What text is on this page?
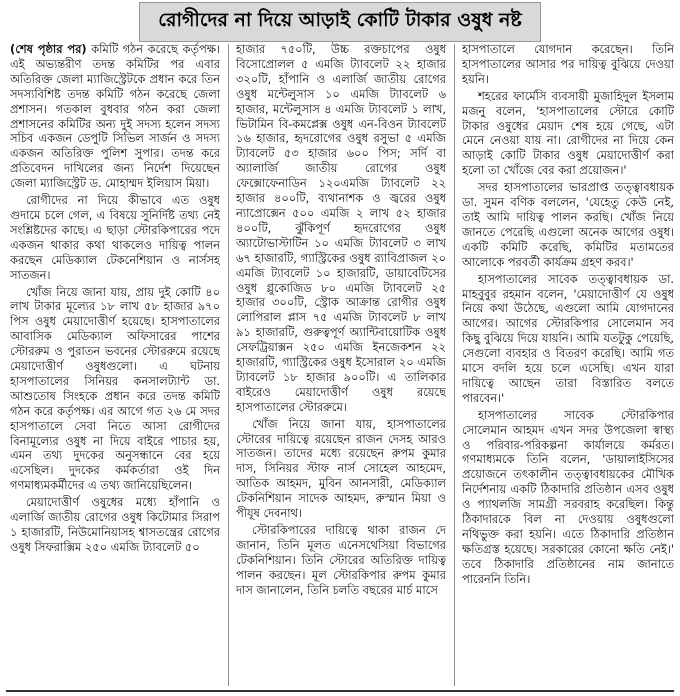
রোগীদের না দিয়ে আড়াই কোটি টাকার ওষুধ নষ্ট

(শেষ পৃষ্ঠার পর) কমিটি গঠন করেছে কর্তৃপক্ষ। এই অভ্যন্তরীণ তদন্ত কমিটির পর এবার অতিরিক্ত জেলা ম্যাজিস্ট্রেটকে প্রধান করে তিন সদস্যবিশিষ্ট তদন্ত কমিটি গঠন করেছে জেলা প্রশাসন। গতকাল বুধবার গঠন করা জেলা প্রশাসনের কমিটির অন্য দুই সদস্য হলেন সদস্য সচিব একজন ডেপুটি সিভিল সার্জন ও সদস্য একজন অতিরিক্ত পুলিশ সুপার। তদন্ত করে প্রতিবেদন দাখিলের জন্য নির্দেশ দিয়েছেন জেলা ম্যাজিস্ট্রেট ড. মোহাম্মদ ইলিয়াস মিয়া।

রোগীদের না দিয়ে কীভাবে এত ওষুধ গুদামে চলে গেল, এ বিষয়ে সুনির্দিষ্ট তথ্য নেই সংশ্লিষ্টদের কাছে। এ ছাড়া স্টোরকিপারের পদে একজন থাকার কথা থাকলেও দায়িত্ব পালন করছেন মেডিক্যাল টেকনেশিয়ান ও নার্সসহ সাতজন।

খোঁজ নিয়ে জানা যায়, প্রায় দুই কোটি ৪০ লাখ টাকার মূল্যের ১৮ লাখ ৫৮ হাজার ৯৭০ পিস ওষুধ মেয়াদোত্তীর্ণ হয়েছে। হাসপাতালের আবাসিক মেডিক্যাল অফিসারের পাশের স্টোররুম ও পুরাতন ভবনের স্টোররুমে রয়েছে মেয়াদোত্তীর্ণ ওষুধগুলো। এ ঘটনায় হাসপাতালের সিনিয়র কনসালট্যান্ট ডা. আশুতোষ সিংহকে প্রধান করে তদন্ত কমিটি গঠন করে কর্তৃপক্ষ। এর আগে গত ২৬ মে সদর হাসপাতালে সেবা নিতে আসা রোগীদের বিনামূল্যের ওষুধ না দিয়ে বাইরে পাচার হয়, এমন তথ্য দুদকের অনুসন্ধানে বের হয়ে এসেছিল। দুদকের কর্মকর্তারা ওই দিন গণমাধ্যমকর্মীদের এ তথ্য জানিয়েছিলেন।

মেয়াদোত্তীর্ণ ওষুধের মধ্যে হাঁপানি ও এলার্জি জাতীয় রোগের ওষুধ কিটোমার সিরাপ ১ হাজারটি, নিউমোনিয়াসহ শ্বাসতন্ত্রের রোগের ওষুধ সিফরাক্সিম ২৫০ এমজি ট্যাবলেট ৫০

হাজার ৭৫০টি, উচ্চ রক্তচাপের ওষুধ বিসোপ্রোলল ৫ এমজি ট্যাবলেট ২২ হাজার ৩২০টি, হাঁপানি ও এলার্জি জাতীয় রোগের ওষুধ মন্টেলুসাস ১০ এমজি ট্যাবলেট ৬ হাজার, মন্টেলুসাস ৪ এমজি ট্যাবলেট ১ লাখ, ভিটামিন বি-কমপ্লেক্স ওষুধ এন-বিওন ট্যাবলেট ১৬ হাজার, হৃদরোগের ওষুধ রসুভা ৫ এমজি ট্যাবলেট ৫৩ হাজার ৬০০ পিস; সর্দি বা অ্যালার্জি জাতীয় রোগের ওষুধ ফেক্সোফেনাডিন ১২০এমজি ট্যাবলেট ২২ হাজার ৪০০টি, ব্যথানাশক ও জ্বরের ওষুধ ন্যাপ্রোক্সেন ৫০০ এমজি ২ লাখ ৫২ হাজার ৪০০টি, ঝুঁকিপূর্ণ হৃদরোগের ওষুধ অ্যাটোভাস্টাটিন ১০ এমজি ট্যাবলেট ৩ লাখ ৬৭ হাজারটি, গ্যাস্ট্রিকের ওষুধ র‍্যাবিপ্রাজল ২০ এমজি ট্যাবলেট ১০ হাজারটি, ডায়াবেটিসের ওষুধ গ্লুকোজিড ৮০ এমজি ট্যাবলেট ২৫ হাজার ৩০০টি, স্ট্রোক আক্রান্ত রোগীর ওষুধ লোপিরাল প্লাস ৭৫ এমজি ট্যাবলেট ৮ লাখ ৯১ হাজারটি, গুরুত্বপূর্ণ অ্যান্টিবায়োটিক ওষুধ সেফট্রিয়াক্সন ২৫০ এমজি ইনজেকশন ২২ হাজারটি, গ্যাস্ট্রিকের ওষুধ ইসোরাল ২০ এমজি ট্যাবলেট ১৮ হাজার ৯০০টি। এ তালিকার বাইরেও মেয়াদোত্তীর্ণ ওষুধ রয়েছে হাসপাতালের স্টোররুমে।

খোঁজ নিয়ে জানা যায়, হাসপাতালের স্টোরের দায়িত্বে রয়েছেন রাজন দেসহ আরও সাতজন। তাদের মধ্যে রয়েছেন রুপম কুমার দাস, সিনিয়র স্টাফ নার্স সোহেল আহমেদ, আতিক আহমদ, মুবিন আনসারী, মেডিক্যাল টেকনিশিয়ান সাদেক আহমদ, রুস্মান মিয়া ও পীযূষ দেবনাথ।

স্টোরকিপারের দায়িত্বে থাকা রাজন দে জানান, তিনি মূলত এনেসথেসিয়া বিভাগের টেকনিশিয়ান। তিনি স্টোরের অতিরিক্ত দায়িত্ব পালন করছেন। মূল স্টোরকিপার রুপম কুমার দাস জানালেন, তিনি চলতি বছরের মার্চ মাসে

হাসপাতালে যোগদান করেছেন। তিনি হাসপাতালের আসার পর দায়িত্ব বুঝিয়ে দেওয়া হয়নি।

শহরের ফার্মেসি ব্যবসায়ী মুজাহিদুল ইসলাম মজনু বলেন, 'হাসপাতালের স্টোরে কোটি টাকার ওষুধের মেয়াদ শেষ হয়ে গেছে, এটা মেনে নেওয়া যায় না। রোগীদের না দিয়ে কেন আড়াই কোটি টাকার ওষুধ মেয়াদোত্তীর্ণ করা হলো তা খোঁজে বের করা প্রয়োজন।'

সদর হাসপাতালের ভারপ্রাপ্ত তত্ত্বাবধায়ক ডা. সুমন বণিক বললেন, 'যেহেতু কেউ নেই, তাই আমি দায়িত্ব পালন করছি। খোঁজ নিয়ে জানতে পেরেছি এগুলো অনেক আগের ওষুধ। একটি কমিটি করেছি, কমিটির মতামতের আলোকে পরবর্তী কার্যক্রম গ্রহণ করব।'

হাসপাতালের সাবেক তত্ত্বাবধায়ক ডা. মাহবুবুর রহমান বলেন, 'মেয়াদোত্তীর্ণ যে ওষুধ নিয়ে কথা উঠেছে, এগুলো আমি যোগদানের আগের। আগের স্টোরকিপার সোলেমান সব কিছু বুঝিয়ে দিয়ে যায়নি। আমি যতটুকু পেয়েছি, সেগুলো ব্যবহার ও বিতরণ করেছি। আমি গত মাসে বদলি হয়ে চলে এসেছি। এখন যারা দায়িত্বে আছেন তারা বিস্তারিত বলতে পারবেন।'

হাসপাতালের সাবেক স্টোরকিপার সোলেমান আহমদ এখন সদর উপজেলা স্বাস্থ্য ও পরিবার-পরিকল্পনা কার্যালয়ে কর্মরত। গণমাধ্যমকে তিনি বলেন, 'ডায়ালাইসিসের প্রয়োজনে তৎকালীন তত্ত্বাবধায়কের মৌখিক নির্দেশনায় একটি ঠিকাদারি প্রতিষ্ঠান এসব ওষুধ ও প্যাথলজি সামগ্রী সরবরাহ করেছিল। কিন্তু ঠিকাদারকে বিল না দেওয়ায় ওষুধগুলো নথিভুক্ত করা হয়নি। এতে ঠিকাদারি প্রতিষ্ঠান ক্ষতিগ্রস্ত হয়েছে। সরকারের কোনো ক্ষতি নেই।' তবে ঠিকাদারি প্রতিষ্ঠানের নাম জানাতে পারেননি তিনি।
